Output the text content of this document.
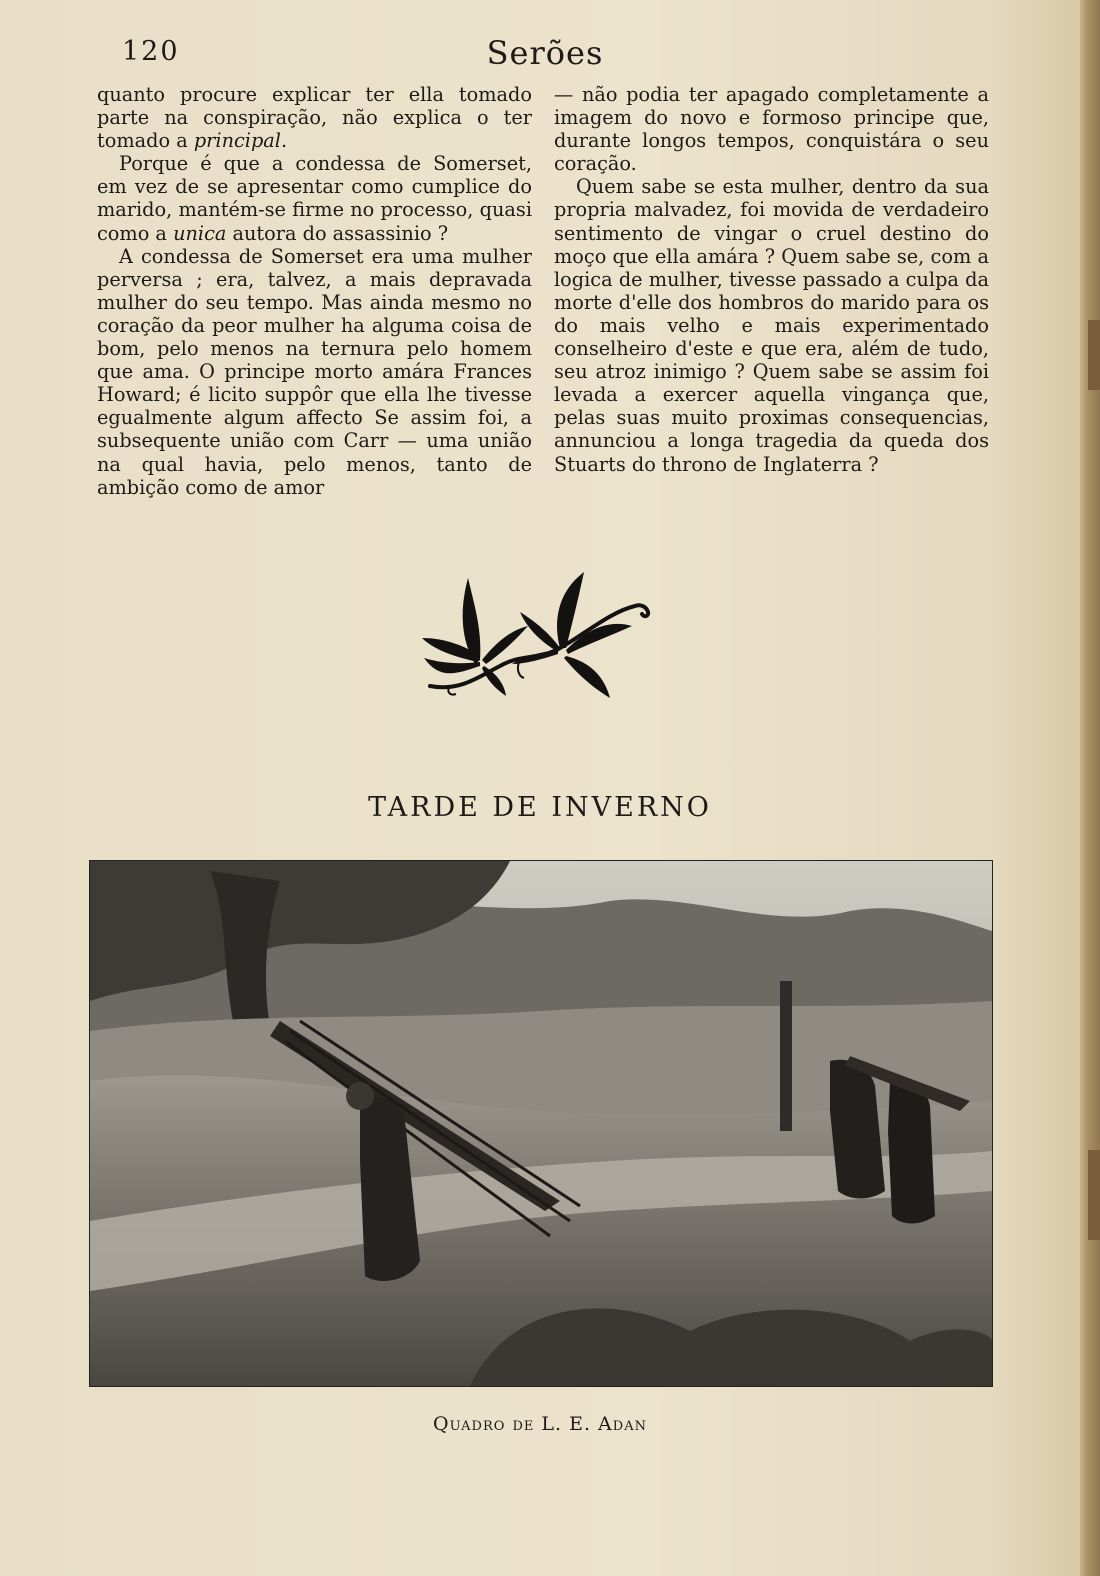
120	Serões

quanto procure explicar ter ella tomado parte na conspiração, não explica o ter tomado a principal.

Porque é que a condessa de Somerset, em vez de se apresentar como cumplice do marido, mantém-se firme no processo, quasi como a unica autora do assassinio ?

A condessa de Somerset era uma mulher perversa ; era, talvez, a mais depravada mulher do seu tempo. Mas ainda mesmo no coração da peor mulher ha alguma coisa de bom, pelo menos na ternura pelo homem que ama. O principe morto amára Frances Howard; é licito suppôr que ella lhe tivesse egualmente algum affecto Se assim foi, a subsequente união com Carr — uma união na qual havia, pelo menos, tanto de ambição como de amor

— não podia ter apagado completamente a imagem do novo e formoso principe que, durante longos tempos, conquistára o seu coração.

Quem sabe se esta mulher, dentro da sua propria malvadez, foi movida de verdadeiro sentimento de vingar o cruel destino do moço que ella amára ? Quem sabe se, com a logica de mulher, tivesse passado a culpa da morte d'elle dos hombros do marido para os do mais velho e mais experimentado conselheiro d'este e que era, além de tudo, seu atroz inimigo ? Quem sabe se assim foi levada a exercer aquella vingança que, pelas suas muito proximas consequencias, annunciou a longa tragedia da queda dos Stuarts do throno de Inglaterra ?

TARDE DE INVERNO
Quadro de L. E. Adan
